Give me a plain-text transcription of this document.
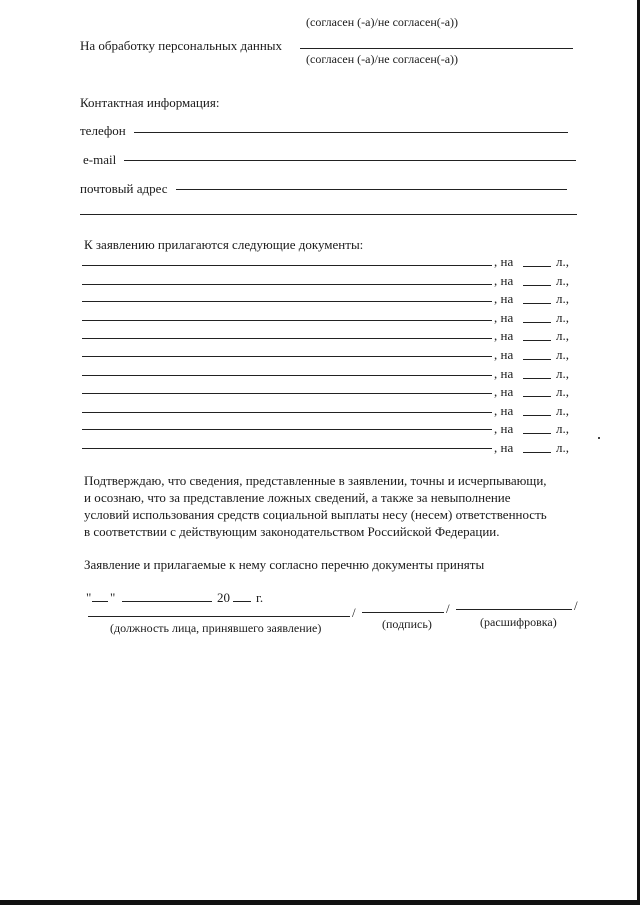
(согласен (-а)/не согласен(-а))
На обработку персональных данных
(согласен (-а)/не согласен(-а))
Контактная информация:
телефон
e-mail
почтовый адрес
К заявлению прилагаются следующие документы:
, на	л.,
, на	л.,
, на	л.,
, на	л.,
, на	л.,
, на	л.,
, на	л.,
, на	л.,
, на	л.,
, на	л.,
, на	л.,
Подтверждаю, что сведения, представленные в заявлении, точны и исчерпывающи,
и осознаю, что за представление ложных сведений, а также за невыполнение
условий использования средств социальной выплаты несу (несем) ответственность
в соответствии с действующим законодательством Российской Федерации.
Заявление и прилагаемые к нему согласно перечню документы приняты
" "	20 г.
/	/	/
(должность лица, принявшего заявление)	(подпись)	(расшифровка)
